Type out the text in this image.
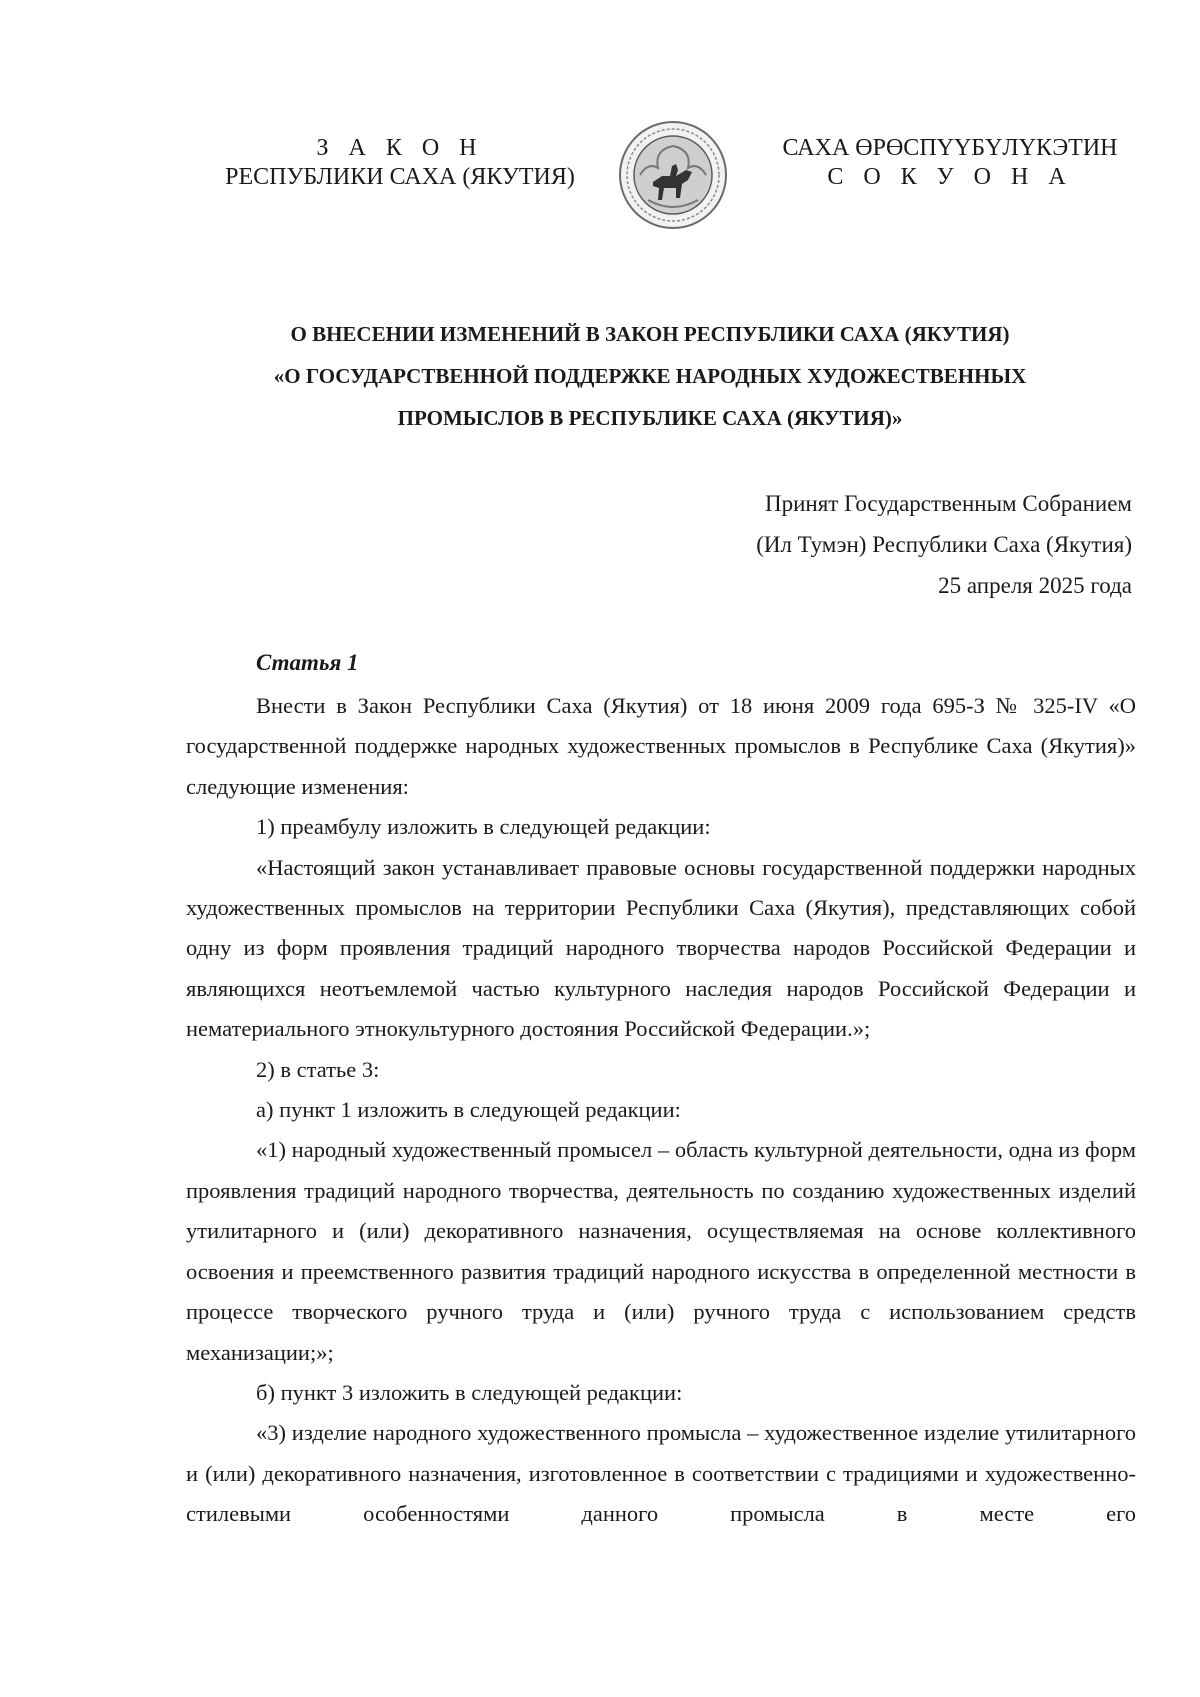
З А К О Н
РЕСПУБЛИКИ САХА (ЯКУТИЯ)
САХА ӨРӨСПҮҮБҮЛҮКЭТИН
С О К У О Н А
О ВНЕСЕНИИ ИЗМЕНЕНИЙ В ЗАКОН РЕСПУБЛИКИ САХА (ЯКУТИЯ)
«О ГОСУДАРСТВЕННОЙ ПОДДЕРЖКЕ НАРОДНЫХ ХУДОЖЕСТВЕННЫХ
ПРОМЫСЛОВ В РЕСПУБЛИКЕ САХА (ЯКУТИЯ)»
Принят Государственным Собранием
(Ил Тумэн) Республики Саха (Якутия)
25 апреля 2025 года
Статья 1

Внести в Закон Республики Саха (Якутия) от 18 июня 2009 года 695-З № 325-IV «О государственной поддержке народных художественных промыслов в Республике Саха (Якутия)» следующие изменения:

1) преамбулу изложить в следующей редакции:

«Настоящий закон устанавливает правовые основы государственной поддержки народных художественных промыслов на территории Республики Саха (Якутия), представляющих собой одну из форм проявления традиций народного творчества народов Российской Федерации и являющихся неотъемлемой частью культурного наследия народов Российской Федерации и нематериального этнокультурного достояния Российской Федерации.»;

2) в статье 3:

а) пункт 1 изложить в следующей редакции:

«1) народный художественный промысел – область культурной деятельности, одна из форм проявления традиций народного творчества, деятельность по созданию художественных изделий утилитарного и (или) декоративного назначения, осуществляемая на основе коллективного освоения и преемственного развития традиций народного искусства в определенной местности в процессе творческого ручного труда и (или) ручного труда с использованием средств механизации;»;

б) пункт 3 изложить в следующей редакции:

«3) изделие народного художественного промысла – художественное изделие утилитарного и (или) декоративного назначения, изготовленное в соответствии с традициями и художественно-стилевыми особенностями данного промысла в месте его
